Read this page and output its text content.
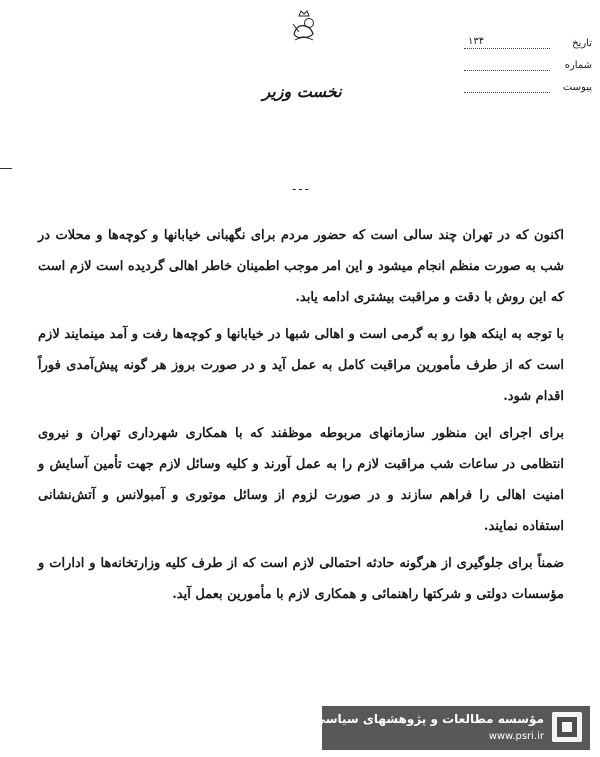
نخست وزیر
تاریخ
۱۳۴
شماره
پیوست
---

اکنون که در تهران چند سالی است که حضور مردم برای نگهبانی خیابانها و کوچه‌ها و محلات در شب به صورت منظم انجام میشود و این امر موجب اطمینان خاطر اهالی گردیده است لازم است که این روش با دقت و مراقبت بیشتری ادامه یابد.

با توجه به اینکه هوا رو به گرمی است و اهالی شبها در خیابانها و کوچه‌ها رفت و آمد مینمایند لازم است که از طرف مأمورین مراقبت کامل به عمل آید و در صورت بروز هر گونه پیش‌آمدی فوراً اقدام شود.

برای اجرای این منظور سازمانهای مربوطه موظفند که با همکاری شهرداری تهران و نیروی انتظامی در ساعات شب مراقبت لازم را به عمل آورند و کلیه وسائل لازم جهت تأمین آسایش و امنیت اهالی را فراهم سازند و در صورت لزوم از وسائل موتوری و آمبولانس و آتش‌نشانی استفاده نمایند.

ضمناً برای جلوگیری از هرگونه حادثه احتمالی لازم است که از طرف کلیه وزارتخانه‌ها و ادارات و مؤسسات دولتی و شرکتها راهنمائی و همکاری لازم با مأمورین بعمل آید.

مؤسسه مطالعات و پژوهشهای سیاسی
www.psri.ir
